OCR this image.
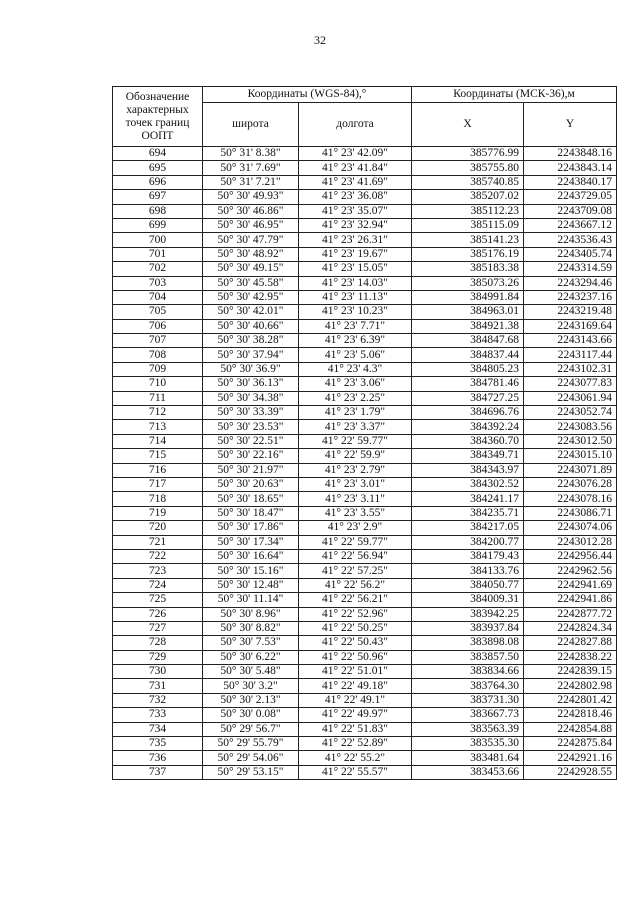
32
Обозначение характерных точек границ ООПТ	Координаты (WGS-84),°		Координаты (МСК-36),м	
	широта	долгота	X	Y
694	50° 31' 8.38"	41° 23' 42.09"	385776.99	2243848.16
695	50° 31' 7.69"	41° 23' 41.84"	385755.80	2243843.14
696	50° 31' 7.21"	41° 23' 41.69"	385740.85	2243840.17
697	50° 30' 49.93"	41° 23' 36.08"	385207.02	2243729.05
698	50° 30' 46.86"	41° 23' 35.07"	385112.23	2243709.08
699	50° 30' 46.95"	41° 23' 32.94"	385115.09	2243667.12
700	50° 30' 47.79"	41° 23' 26.31"	385141.23	2243536.43
701	50° 30' 48.92"	41° 23' 19.67"	385176.19	2243405.74
702	50° 30' 49.15"	41° 23' 15.05"	385183.38	2243314.59
703	50° 30' 45.58"	41° 23' 14.03"	385073.26	2243294.46
704	50° 30' 42.95"	41° 23' 11.13"	384991.84	2243237.16
705	50° 30' 42.01"	41° 23' 10.23"	384963.01	2243219.48
706	50° 30' 40.66"	41° 23' 7.71"	384921.38	2243169.64
707	50° 30' 38.28"	41° 23' 6.39"	384847.68	2243143.66
708	50° 30' 37.94"	41° 23' 5.06"	384837.44	2243117.44
709	50° 30' 36.9"	41° 23' 4.3"	384805.23	2243102.31
710	50° 30' 36.13"	41° 23' 3.06"	384781.46	2243077.83
711	50° 30' 34.38"	41° 23' 2.25"	384727.25	2243061.94
712	50° 30' 33.39"	41° 23' 1.79"	384696.76	2243052.74
713	50° 30' 23.53"	41° 23' 3.37"	384392.24	2243083.56
714	50° 30' 22.51"	41° 22' 59.77"	384360.70	2243012.50
715	50° 30' 22.16"	41° 22' 59.9"	384349.71	2243015.10
716	50° 30' 21.97"	41° 23' 2.79"	384343.97	2243071.89
717	50° 30' 20.63"	41° 23' 3.01"	384302.52	2243076.28
718	50° 30' 18.65"	41° 23' 3.11"	384241.17	2243078.16
719	50° 30' 18.47"	41° 23' 3.55"	384235.71	2243086.71
720	50° 30' 17.86"	41° 23' 2.9"	384217.05	2243074.06
721	50° 30' 17.34"	41° 22' 59.77"	384200.77	2243012.28
722	50° 30' 16.64"	41° 22' 56.94"	384179.43	2242956.44
723	50° 30' 15.16"	41° 22' 57.25"	384133.76	2242962.56
724	50° 30' 12.48"	41° 22' 56.2"	384050.77	2242941.69
725	50° 30' 11.14"	41° 22' 56.21"	384009.31	2242941.86
726	50° 30' 8.96"	41° 22' 52.96"	383942.25	2242877.72
727	50° 30' 8.82"	41° 22' 50.25"	383937.84	2242824.34
728	50° 30' 7.53"	41° 22' 50.43"	383898.08	2242827.88
729	50° 30' 6.22"	41° 22' 50.96"	383857.50	2242838.22
730	50° 30' 5.48"	41° 22' 51.01"	383834.66	2242839.15
731	50° 30' 3.2"	41° 22' 49.18"	383764.30	2242802.98
732	50° 30' 2.13"	41° 22' 49.1"	383731.30	2242801.42
733	50° 30' 0.08"	41° 22' 49.97"	383667.73	2242818.46
734	50° 29' 56.7"	41° 22' 51.83"	383563.39	2242854.88
735	50° 29' 55.79"	41° 22' 52.89"	383535.30	2242875.84
736	50° 29' 54.06"	41° 22' 55.2"	383481.64	2242921.16
737	50° 29' 53.15"	41° 22' 55.57"	383453.66	2242928.55
